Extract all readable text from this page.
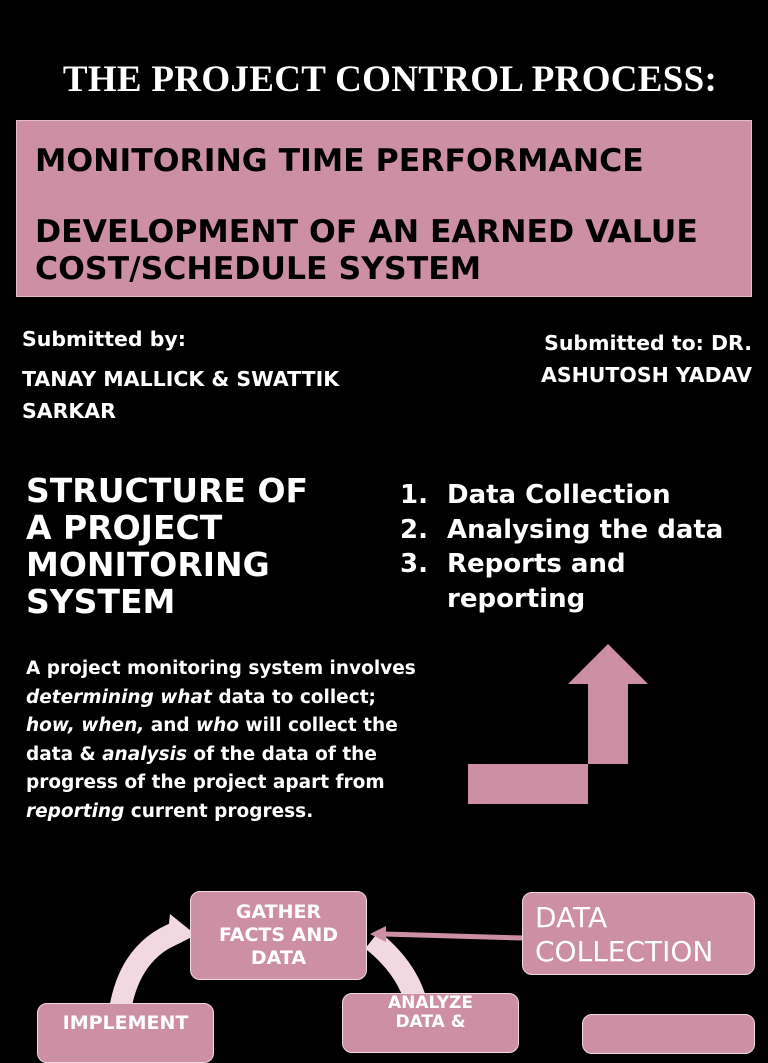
THE PROJECT CONTROL PROCESS:
MONITORING TIME PERFORMANCE
DEVELOPMENT OF AN EARNED VALUE
COST/SCHEDULE SYSTEM
Submitted by:
TANAY MALLICK & SWATTIK
SARKAR
Submitted to: DR.
ASHUTOSH YADAV
STRUCTURE OF
A PROJECT
MONITORING
SYSTEM
1. Data Collection
2. Analysing the data
3. Reports and reporting
A project monitoring system involves determining what data to collect; how, when, and who will collect the data & analysis of the data of the progress of the project apart from reporting current progress.
GATHER
FACTS AND
DATA
IMPLEMENT
ANALYZE
DATA &
DATA
COLLECTION
